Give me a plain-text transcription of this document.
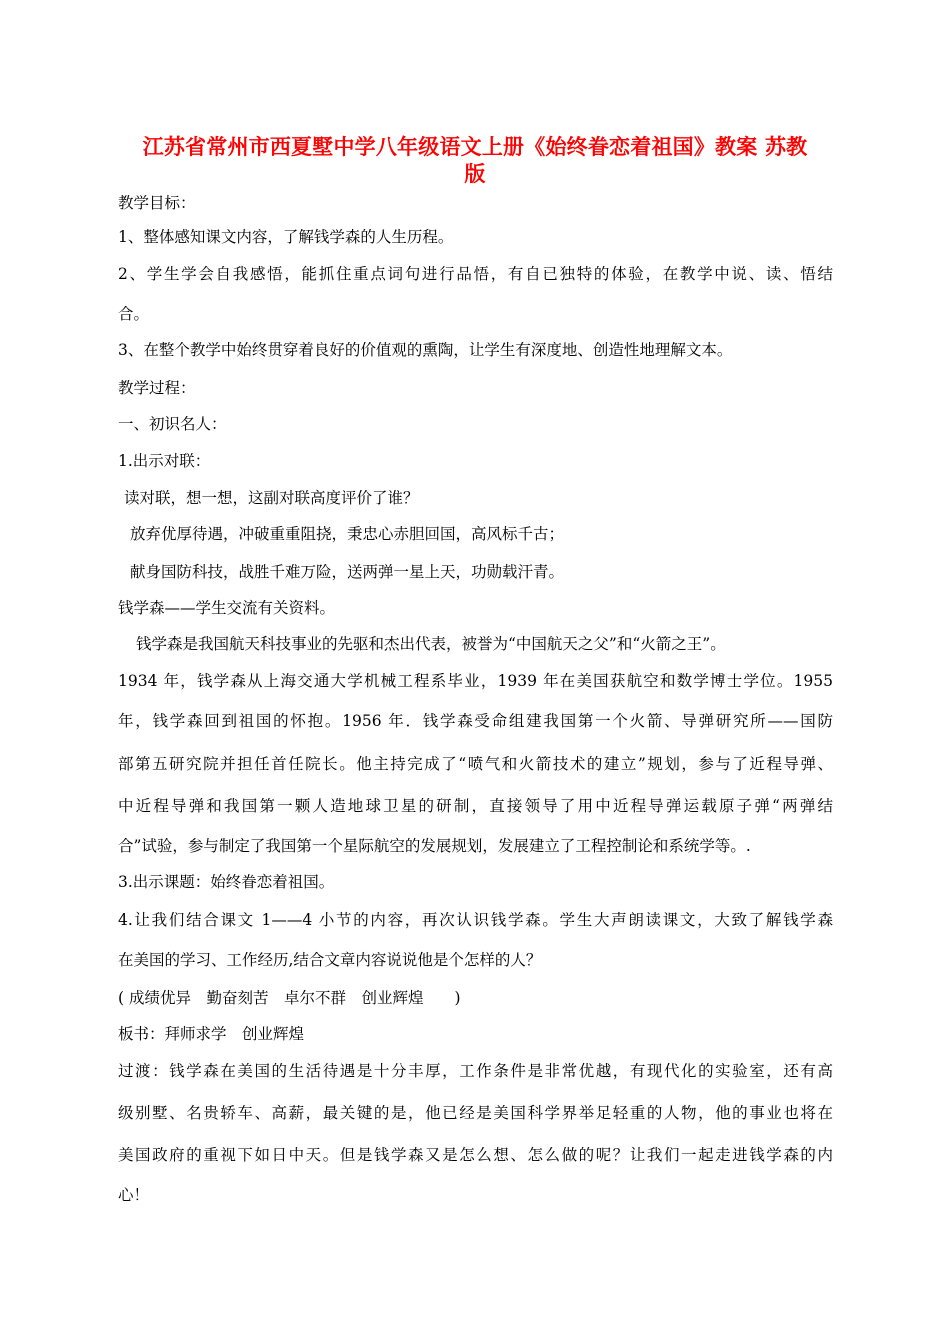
江苏省常州市西夏墅中学八年级语文上册《始终眷恋着祖国》教案 苏教
版
教学目标：
1、整体感知课文内容，了解钱学森的人生历程。
2、学生学会自我感悟，能抓住重点词句进行品悟，有自已独特的体验，在教学中说、读、悟结
合。
3、在整个教学中始终贯穿着良好的价值观的熏陶，让学生有深度地、创造性地理解文本。
教学过程：
一、初识名人：
1.出示对联：
读对联，想一想，这副对联高度评价了谁？
放弃优厚待遇，冲破重重阻挠，秉忠心赤胆回国，高风标千古；
献身国防科技，战胜千难万险，送两弹一星上天，功勋载汗青。
钱学森——学生交流有关资料。
钱学森是我国航天科技事业的先驱和杰出代表，被誉为“中国航天之父”和“火箭之王”。
1934 年，钱学森从上海交通大学机械工程系毕业，1939 年在美国获航空和数学博士学位。1955
年，钱学森回到祖国的怀抱。1956 年．钱学森受命组建我国第一个火箭、导弹研究所——国防
部第五研究院并担任首任院长。他主持完成了“喷气和火箭技术的建立”规划，参与了近程导弹、
中近程导弹和我国第一颗人造地球卫星的研制，直接领导了用中近程导弹运载原子弹“两弹结
合”试验，参与制定了我国第一个星际航空的发展规划，发展建立了工程控制论和系统学等。.
3.出示课题：始终眷恋着祖国。
4.让我们结合课文 1——4 小节的内容，再次认识钱学森。学生大声朗读课文，大致了解钱学森
在美国的学习、工作经历,结合文章内容说说他是个怎样的人？
( 成绩优异　勤奋刻苦　卓尔不群　创业辉煌　　)
板书：拜师求学　创业辉煌
过渡：钱学森在美国的生活待遇是十分丰厚，工作条件是非常优越，有现代化的实验室，还有高
级别墅、名贵轿车、高薪，最关键的是，他已经是美国科学界举足轻重的人物，他的事业也将在
美国政府的重视下如日中天。但是钱学森又是怎么想、怎么做的呢？让我们一起走进钱学森的内
心！
